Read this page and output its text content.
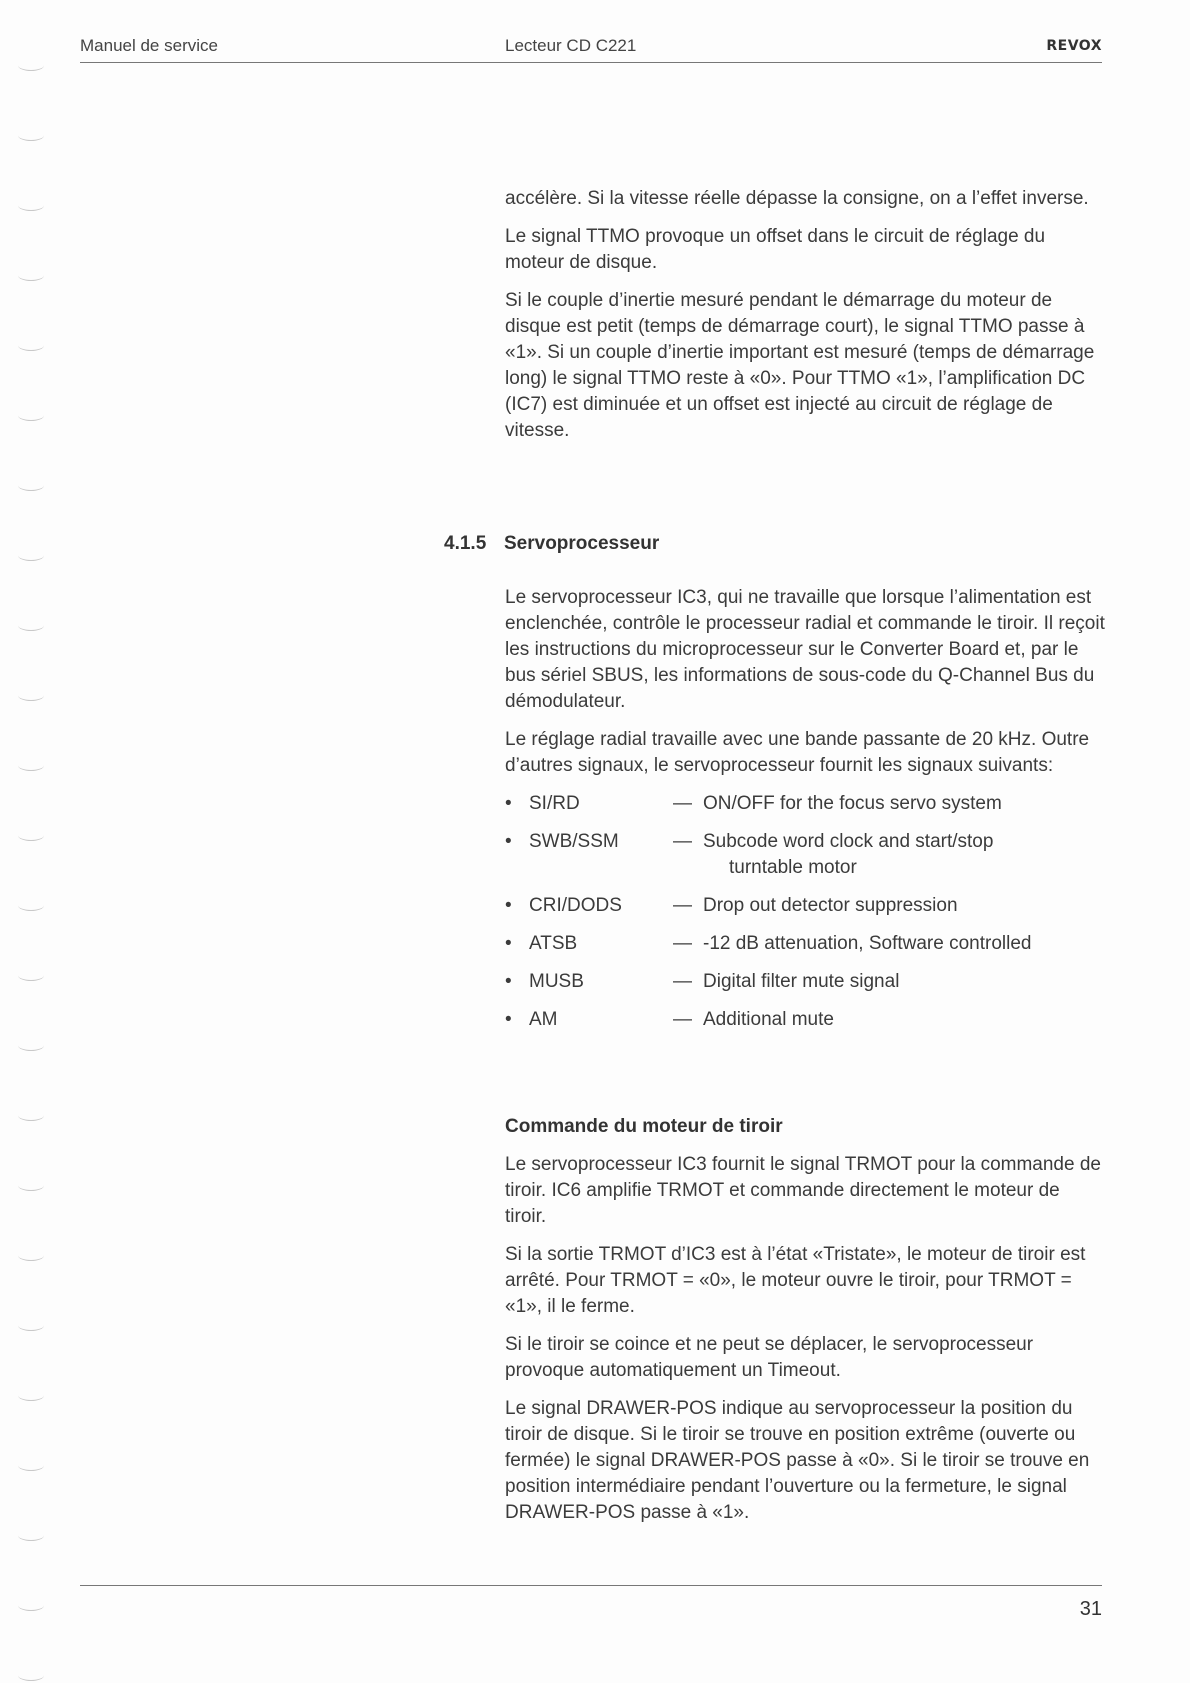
Manuel de service	Lecteur CD C221	REVOX

accélère. Si la vitesse réelle dépasse la consigne, on a l’effet inverse.

Le signal TTMO provoque un offset dans le circuit de réglage du moteur de disque.

Si le couple d’inertie mesuré pendant le démarrage du moteur de disque est petit (temps de démarrage court), le signal TTMO passe à «1». Si un couple d’inertie important est mesuré (temps de démarrage long) le signal TTMO reste à «0». Pour TTMO «1», l’amplification DC (IC7) est diminuée et un offset est injecté au circuit de réglage de vitesse.

4.1.5 Servoprocesseur

Le servoprocesseur IC3, qui ne travaille que lorsque l’alimentation est enclenchée, contrôle le processeur radial et commande le tiroir. Il reçoit les instructions du microprocesseur sur le Converter Board et, par le bus sériel SBUS, les informations de sous-code du Q-Channel Bus du démodulateur.

Le réglage radial travaille avec une bande passante de 20 kHz. Outre d’autres signaux, le servoprocesseur fournit les signaux suivants:

• SI/RD	— ON/OFF for the focus servo system
• SWB/SSM	— Subcode word clock and start/stop
turntable motor
• CRI/DODS	— Drop out detector suppression
• ATSB	— -12 dB attenuation, Software controlled
• MUSB	— Digital filter mute signal
• AM	— Additional mute

Commande du moteur de tiroir

Le servoprocesseur IC3 fournit le signal TRMOT pour la commande de tiroir. IC6 amplifie TRMOT et commande directement le moteur de tiroir.

Si la sortie TRMOT d’IC3 est à l’état «Tristate», le moteur de tiroir est arrêté. Pour TRMOT = «0», le moteur ouvre le tiroir, pour TRMOT = «1», il le ferme.

Si le tiroir se coince et ne peut se déplacer, le servoprocesseur provoque automatiquement un Timeout.

Le signal DRAWER-POS indique au servoprocesseur la position du tiroir de disque. Si le tiroir se trouve en position extrême (ouverte ou fermée) le signal DRAWER-POS passe à «0». Si le tiroir se trouve en position intermédiaire pendant l’ouverture ou la fermeture, le signal DRAWER-POS passe à «1».

31
